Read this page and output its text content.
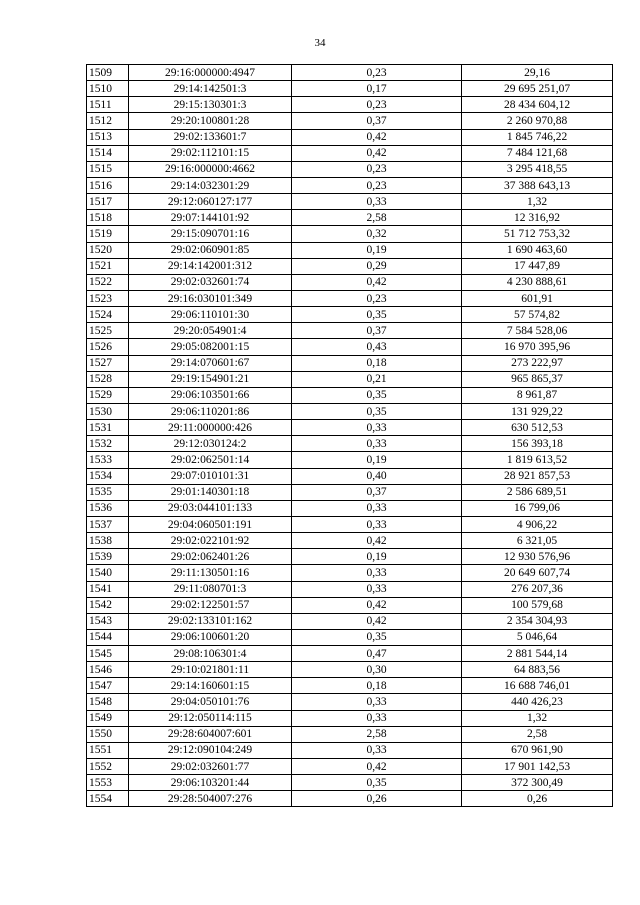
34
1509	29:16:000000:4947	0,23	29,16
1510	29:14:142501:3	0,17	29 695 251,07
1511	29:15:130301:3	0,23	28 434 604,12
1512	29:20:100801:28	0,37	2 260 970,88
1513	29:02:133601:7	0,42	1 845 746,22
1514	29:02:112101:15	0,42	7 484 121,68
1515	29:16:000000:4662	0,23	3 295 418,55
1516	29:14:032301:29	0,23	37 388 643,13
1517	29:12:060127:177	0,33	1,32
1518	29:07:144101:92	2,58	12 316,92
1519	29:15:090701:16	0,32	51 712 753,32
1520	29:02:060901:85	0,19	1 690 463,60
1521	29:14:142001:312	0,29	17 447,89
1522	29:02:032601:74	0,42	4 230 888,61
1523	29:16:030101:349	0,23	601,91
1524	29:06:110101:30	0,35	57 574,82
1525	29:20:054901:4	0,37	7 584 528,06
1526	29:05:082001:15	0,43	16 970 395,96
1527	29:14:070601:67	0,18	273 222,97
1528	29:19:154901:21	0,21	965 865,37
1529	29:06:103501:66	0,35	8 961,87
1530	29:06:110201:86	0,35	131 929,22
1531	29:11:000000:426	0,33	630 512,53
1532	29:12:030124:2	0,33	156 393,18
1533	29:02:062501:14	0,19	1 819 613,52
1534	29:07:010101:31	0,40	28 921 857,53
1535	29:01:140301:18	0,37	2 586 689,51
1536	29:03:044101:133	0,33	16 799,06
1537	29:04:060501:191	0,33	4 906,22
1538	29:02:022101:92	0,42	6 321,05
1539	29:02:062401:26	0,19	12 930 576,96
1540	29:11:130501:16	0,33	20 649 607,74
1541	29:11:080701:3	0,33	276 207,36
1542	29:02:122501:57	0,42	100 579,68
1543	29:02:133101:162	0,42	2 354 304,93
1544	29:06:100601:20	0,35	5 046,64
1545	29:08:106301:4	0,47	2 881 544,14
1546	29:10:021801:11	0,30	64 883,56
1547	29:14:160601:15	0,18	16 688 746,01
1548	29:04:050101:76	0,33	440 426,23
1549	29:12:050114:115	0,33	1,32
1550	29:28:604007:601	2,58	2,58
1551	29:12:090104:249	0,33	670 961,90
1552	29:02:032601:77	0,42	17 901 142,53
1553	29:06:103201:44	0,35	372 300,49
1554	29:28:504007:276	0,26	0,26
